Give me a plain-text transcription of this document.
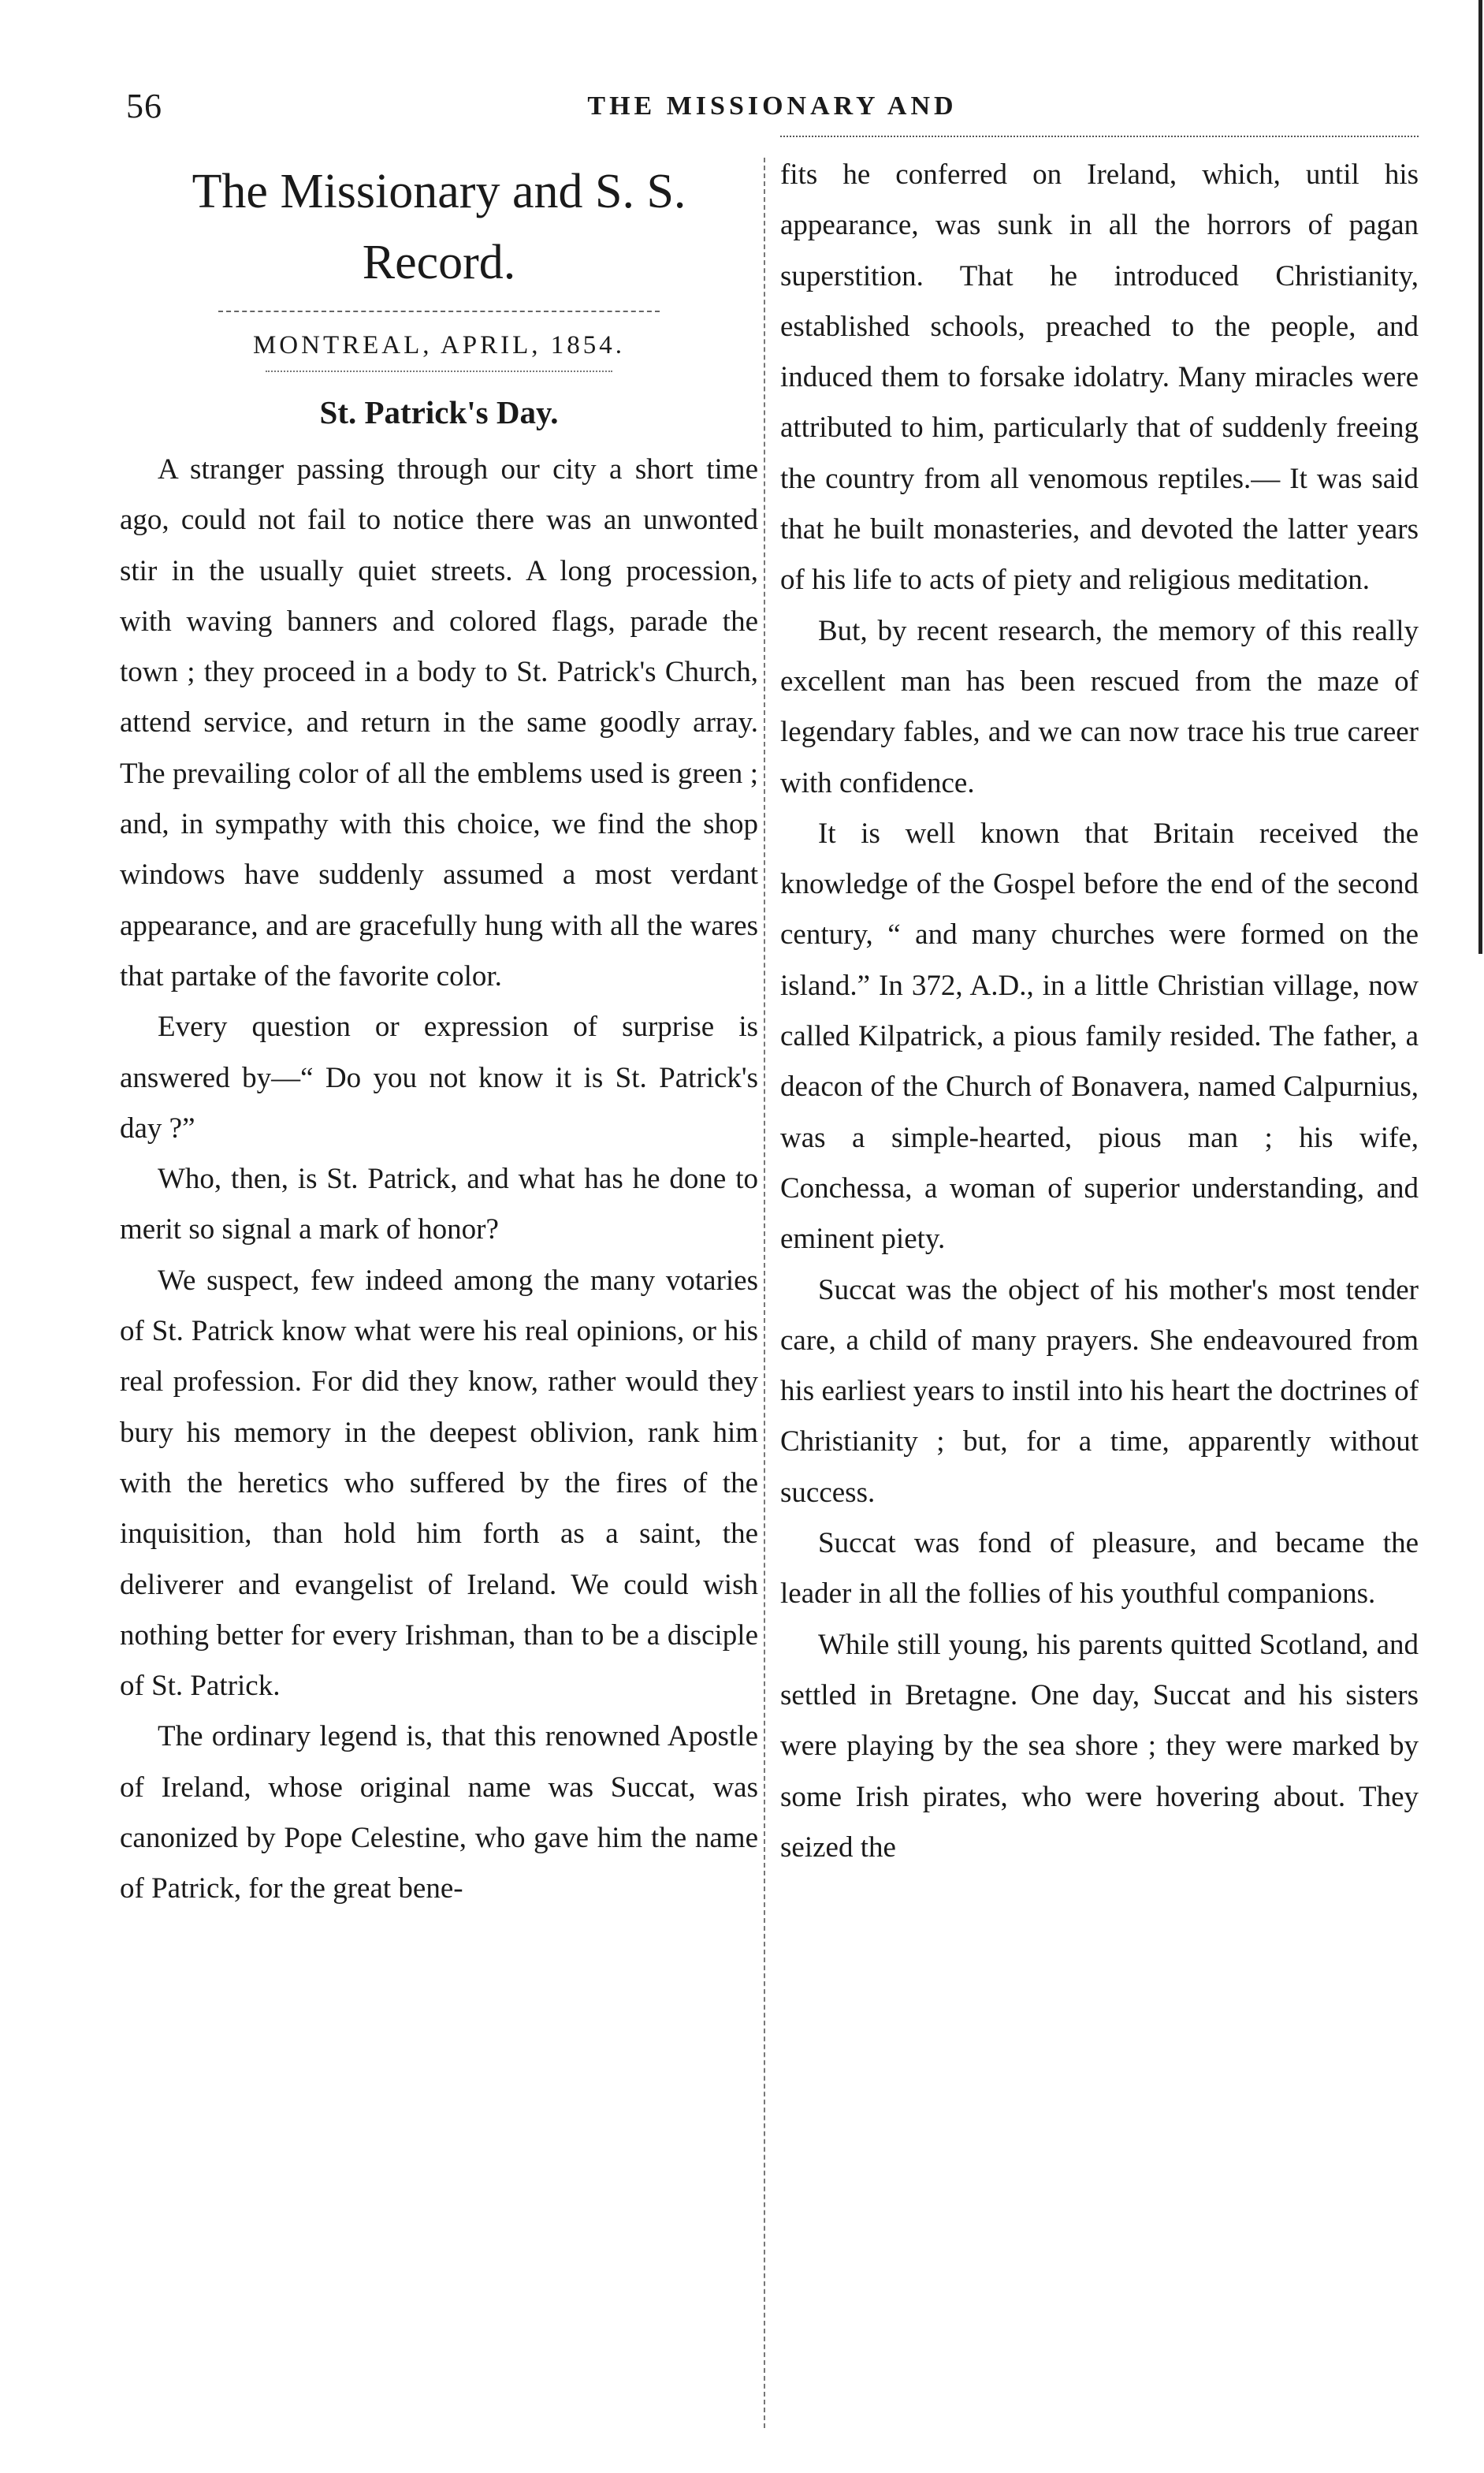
56	THE MISSIONARY AND
The Missionary and S. S. Record.
MONTREAL, APRIL, 1854.
St. Patrick's Day.

A stranger passing through our city a short time ago, could not fail to notice there was an unwonted stir in the usually quiet streets. A long procession, with waving banners and colored flags, parade the town ; they proceed in a body to St. Patrick's Church, attend service, and return in the same goodly array. The prevailing color of all the emblems used is green ; and, in sympathy with this choice, we find the shop windows have suddenly assumed a most verdant appearance, and are gracefully hung with all the wares that partake of the favorite color.

Every question or expression of surprise is answered by—“ Do you not know it is St. Patrick's day ?”

Who, then, is St. Patrick, and what has he done to merit so signal a mark of honor?

We suspect, few indeed among the many votaries of St. Patrick know what were his real opinions, or his real profession. For did they know, rather would they bury his memory in the deepest oblivion, rank him with the heretics who suffered by the fires of the inquisition, than hold him forth as a saint, the deliverer and evangelist of Ireland. We could wish nothing better for every Irishman, than to be a disciple of St. Patrick.

The ordinary legend is, that this renowned Apostle of Ireland, whose original name was Succat, was canonized by Pope Celestine, who gave him the name of Patrick, for the great bene-

fits he conferred on Ireland, which, until his appearance, was sunk in all the horrors of pagan superstition. That he introduced Christianity, established schools, preached to the people, and induced them to forsake idolatry. Many miracles were attributed to him, particularly that of suddenly freeing the country from all venomous reptiles.— It was said that he built monasteries, and devoted the latter years of his life to acts of piety and religious meditation.

But, by recent research, the memory of this really excellent man has been rescued from the maze of legendary fables, and we can now trace his true career with confidence.

It is well known that Britain received the knowledge of the Gospel before the end of the second century, “ and many churches were formed on the island.” In 372, A.D., in a little Christian village, now called Kilpatrick, a pious family resided. The father, a deacon of the Church of Bonavera, named Calpurnius, was a simple-hearted, pious man ; his wife, Conchessa, a woman of superior understanding, and eminent piety.

Succat was the object of his mother's most tender care, a child of many prayers. She endeavoured from his earliest years to instil into his heart the doctrines of Christianity ; but, for a time, apparently without success.

Succat was fond of pleasure, and became the leader in all the follies of his youthful companions.

While still young, his parents quitted Scotland, and settled in Bretagne. One day, Succat and his sisters were playing by the sea shore ; they were marked by some Irish pirates, who were hovering about. They seized the
